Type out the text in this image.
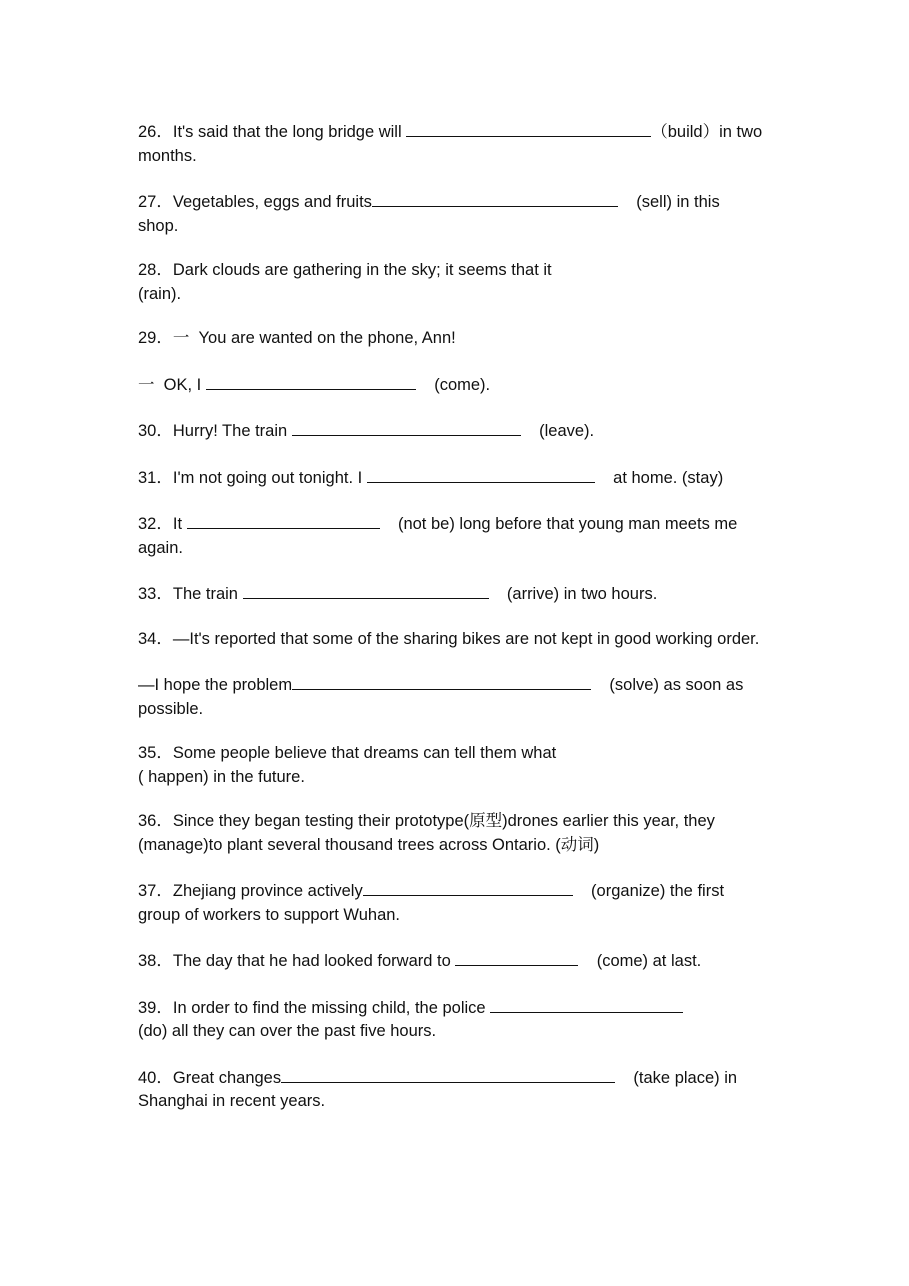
26．It's said that the long bridge will	（build）in two months.

27．Vegetables, eggs and fruits	(sell) in this shop.

28．Dark clouds are gathering in the sky; it seems that it
(rain).

29．一  You are wanted on the phone, Ann!

一  OK, I	(come).

30．Hurry! The train	(leave).

31．I'm not going out tonight. I	at home. (stay)

32．It	(not be) long before that young man meets me again.

33．The train	(arrive) in two hours.

34．—It's reported that some of the sharing bikes are not kept in good working order.

—I hope the problem	(solve) as soon as possible.

35．Some people believe that dreams can tell them what
( happen) in the future.

36．Since they began testing their prototype(原型)drones earlier this year, they (manage)to plant several thousand trees across Ontario. (动词)

37．Zhejiang province actively	(organize) the first group of workers to support Wuhan.

38．The day that he had looked forward to	(come) at last.

39．In order to find the missing child, the police
(do) all they can over the past five hours.

40．Great changes	(take place) in Shanghai in recent years.
